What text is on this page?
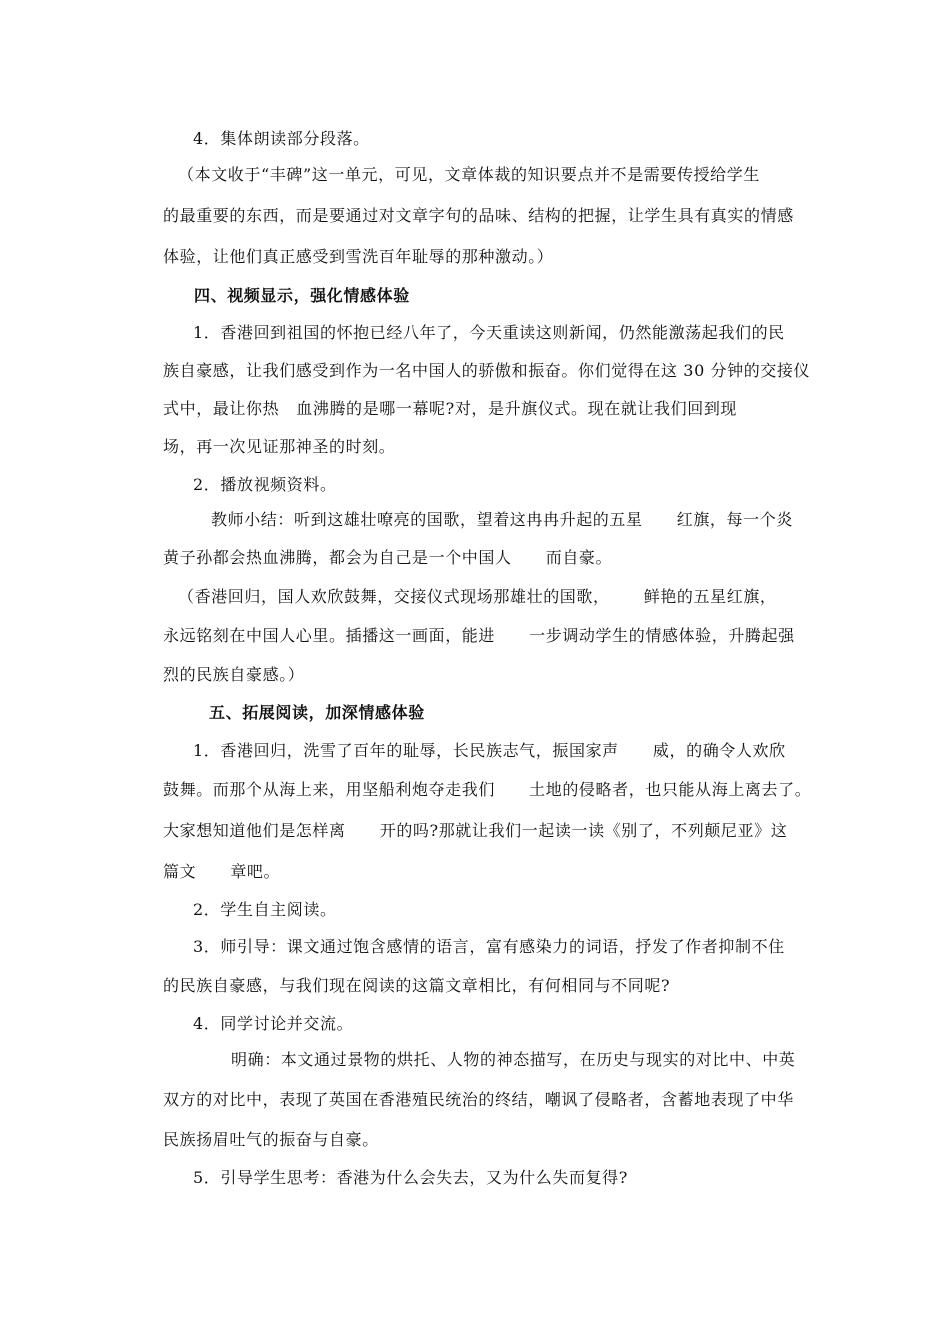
4．集体朗读部分段落。
（本文收于“丰碑”这一单元，可见，文章体裁的知识要点并不是需要传授给学生
的最重要的东西，而是要通过对文章字句的品味、结构的把握，让学生具有真实的情感
体验，让他们真正感受到雪洗百年耻辱的那种激动。）
四、视频显示，强化情感体验
1．香港回到祖国的怀抱已经八年了，今天重读这则新闻，仍然能激荡起我们的民
族自豪感，让我们感受到作为一名中国人的骄傲和振奋。你们觉得在这 30 分钟的交接仪
式中，最让你热   血沸腾的是哪一幕呢?对，是升旗仪式。现在就让我们回到现
场，再一次见证那神圣的时刻。
2．播放视频资料。
教师小结：听到这雄壮嘹亮的国歌，望着这冉冉升起的五星      红旗，每一个炎
黄子孙都会热血沸腾，都会为自己是一个中国人      而自豪。
（香港回归，国人欢欣鼓舞，交接仪式现场那雄壮的国歌，      鲜艳的五星红旗，
永远铭刻在中国人心里。插播这一画面，能进      一步调动学生的情感体验，升腾起强
烈的民族自豪感。）
五、拓展阅读，加深情感体验
1．香港回归，洗雪了百年的耻辱，长民族志气，振国家声      威，的确令人欢欣
鼓舞。而那个从海上来，用坚船利炮夺走我们      土地的侵略者，也只能从海上离去了。
大家想知道他们是怎样离      开的吗?那就让我们一起读一读《别了，不列颠尼亚》这
篇文      章吧。
2．学生自主阅读。
3．师引导：课文通过饱含感情的语言，富有感染力的词语，抒发了作者抑制不住
的民族自豪感，与我们现在阅读的这篇文章相比，有何相同与不同呢?
4．同学讨论并交流。
明确：本文通过景物的烘托、人物的神态描写，在历史与现实的对比中、中英
双方的对比中，表现了英国在香港殖民统治的终结，嘲讽了侵略者，含蓄地表现了中华
民族扬眉吐气的振奋与自豪。
5．引导学生思考：香港为什么会失去，又为什么失而复得?
